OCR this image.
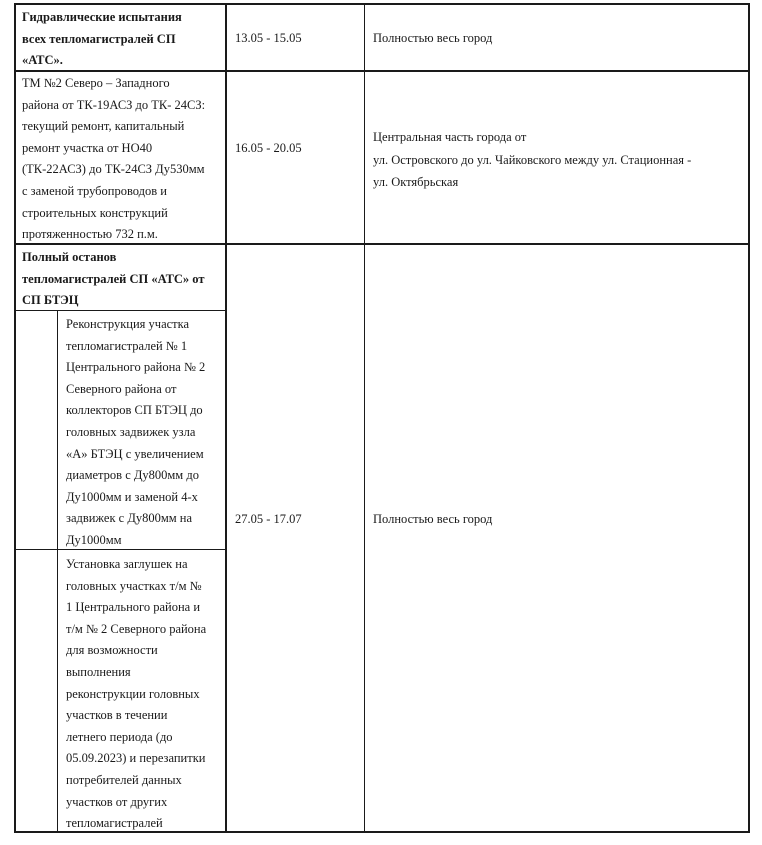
Гидравлические испытания
всех тепломагистралей СП
«АТС».
13.05 - 15.05	Полностью весь город
ТМ №2 Северо – Западного
района от ТК-19АСЗ до ТК- 24СЗ:
текущий ремонт, капитальный
ремонт участка от НО40
(ТК-22АСЗ) до ТК-24СЗ Ду530мм
с заменой трубопроводов и
строительных конструкций
протяженностью 732 п.м.
16.05 - 20.05
Центральная часть города от
ул. Островского до ул. Чайковского между ул. Стационная -
ул. Октябрьская
Полный останов
тепломагистралей СП «АТС» от
СП БТЭЦ
27.05 - 17.07	Полностью весь город
Реконструкция участка
тепломагистралей № 1
Центрального района № 2
Северного района от
коллекторов СП БТЭЦ до
головных задвижек узла
«А» БТЭЦ с увеличением
диаметров с Ду800мм до
Ду1000мм и заменой 4-х
задвижек с Ду800мм на
Ду1000мм
Установка заглушек на
головных участках т/м №
1 Центрального района и
т/м № 2 Северного района
для возможности
выполнения
реконструкции головных
участков в течении
летнего периода (до
05.09.2023) и перезапитки
потребителей данных
участков от других
тепломагистралей
